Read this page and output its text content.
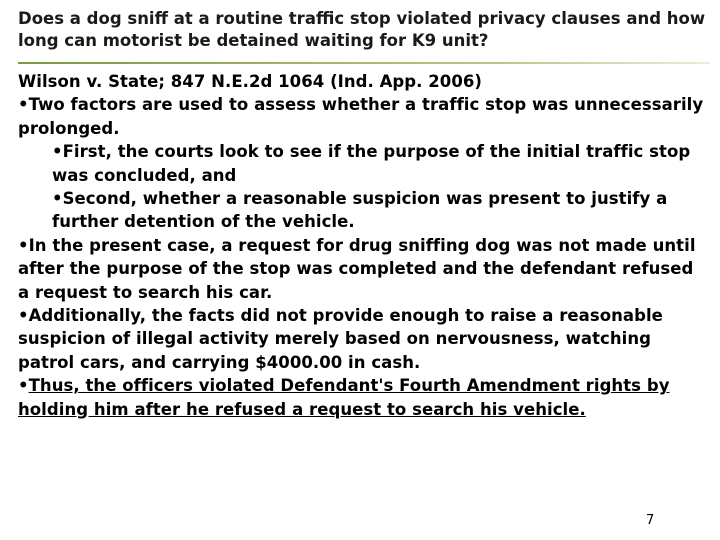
Does a dog sniff at a routine traffic stop violated privacy clauses and how long can motorist be detained waiting for K9 unit?

Wilson v. State; 847 N.E.2d 1064 (Ind. App. 2006)

•Two factors are used to assess whether a traffic stop was unnecessarily prolonged.

•First, the courts look to see if the purpose of the initial traffic stop was concluded, and

•Second, whether a reasonable suspicion was present to justify a further detention of the vehicle.

•In the present case, a request for drug sniffing dog was not made until after the purpose of the stop was completed and the defendant refused a request to search his car.

•Additionally, the facts did not provide enough to raise a reasonable suspicion of illegal activity merely based on nervousness, watching patrol cars, and carrying $4000.00 in cash.

•Thus, the officers violated Defendant's Fourth Amendment rights by holding him after he refused a request to search his vehicle.

7
